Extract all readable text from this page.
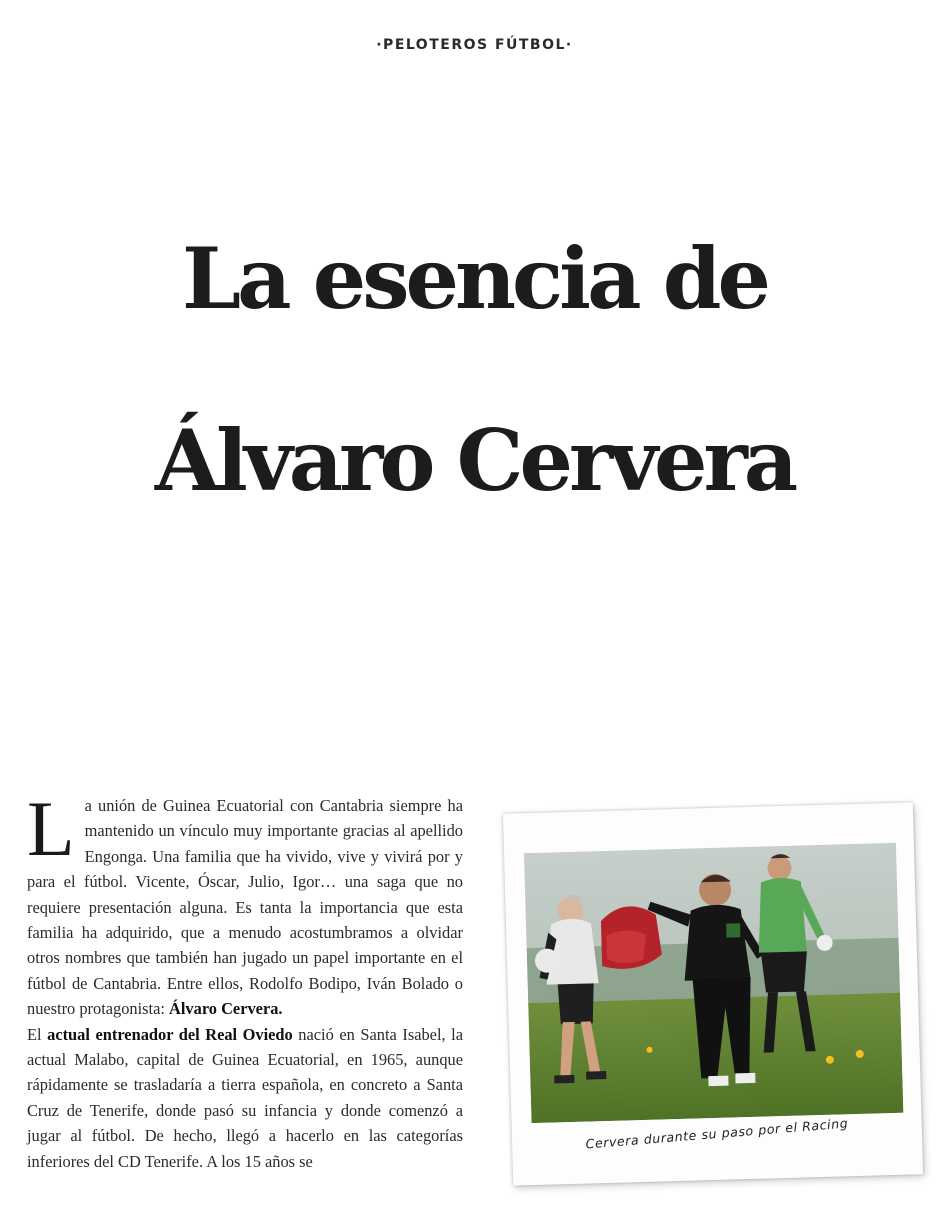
·PELOTEROS FÚTBOL·
La esencia de
Álvaro Cervera

La unión de Guinea Ecuatorial con Cantabria siempre ha mantenido un vínculo muy importante gracias al apellido Engonga. Una familia que ha vivido, vive y vivirá por y para el fútbol. Vicente, Óscar, Julio, Igor… una saga que no requiere presentación alguna. Es tanta la importancia que esta familia ha adquirido, que a menudo acostumbramos a olvidar otros nombres que también han jugado un papel importante en el fútbol de Cantabria. Entre ellos, Rodolfo Bodipo, Iván Bolado o nuestro protagonista: Álvaro Cervera.

El actual entrenador del Real Oviedo nació en Santa Isabel, la actual Malabo, capital de Guinea Ecuatorial, en 1965, aunque rápidamente se trasladaría a tierra española, en concreto a Santa Cruz de Tenerife, donde pasó su infancia y donde comenzó a jugar al fútbol. De hecho, llegó a hacerlo en las categorías inferiores del CD Tenerife. A los 15 años se

Cervera durante su paso por el Racing
